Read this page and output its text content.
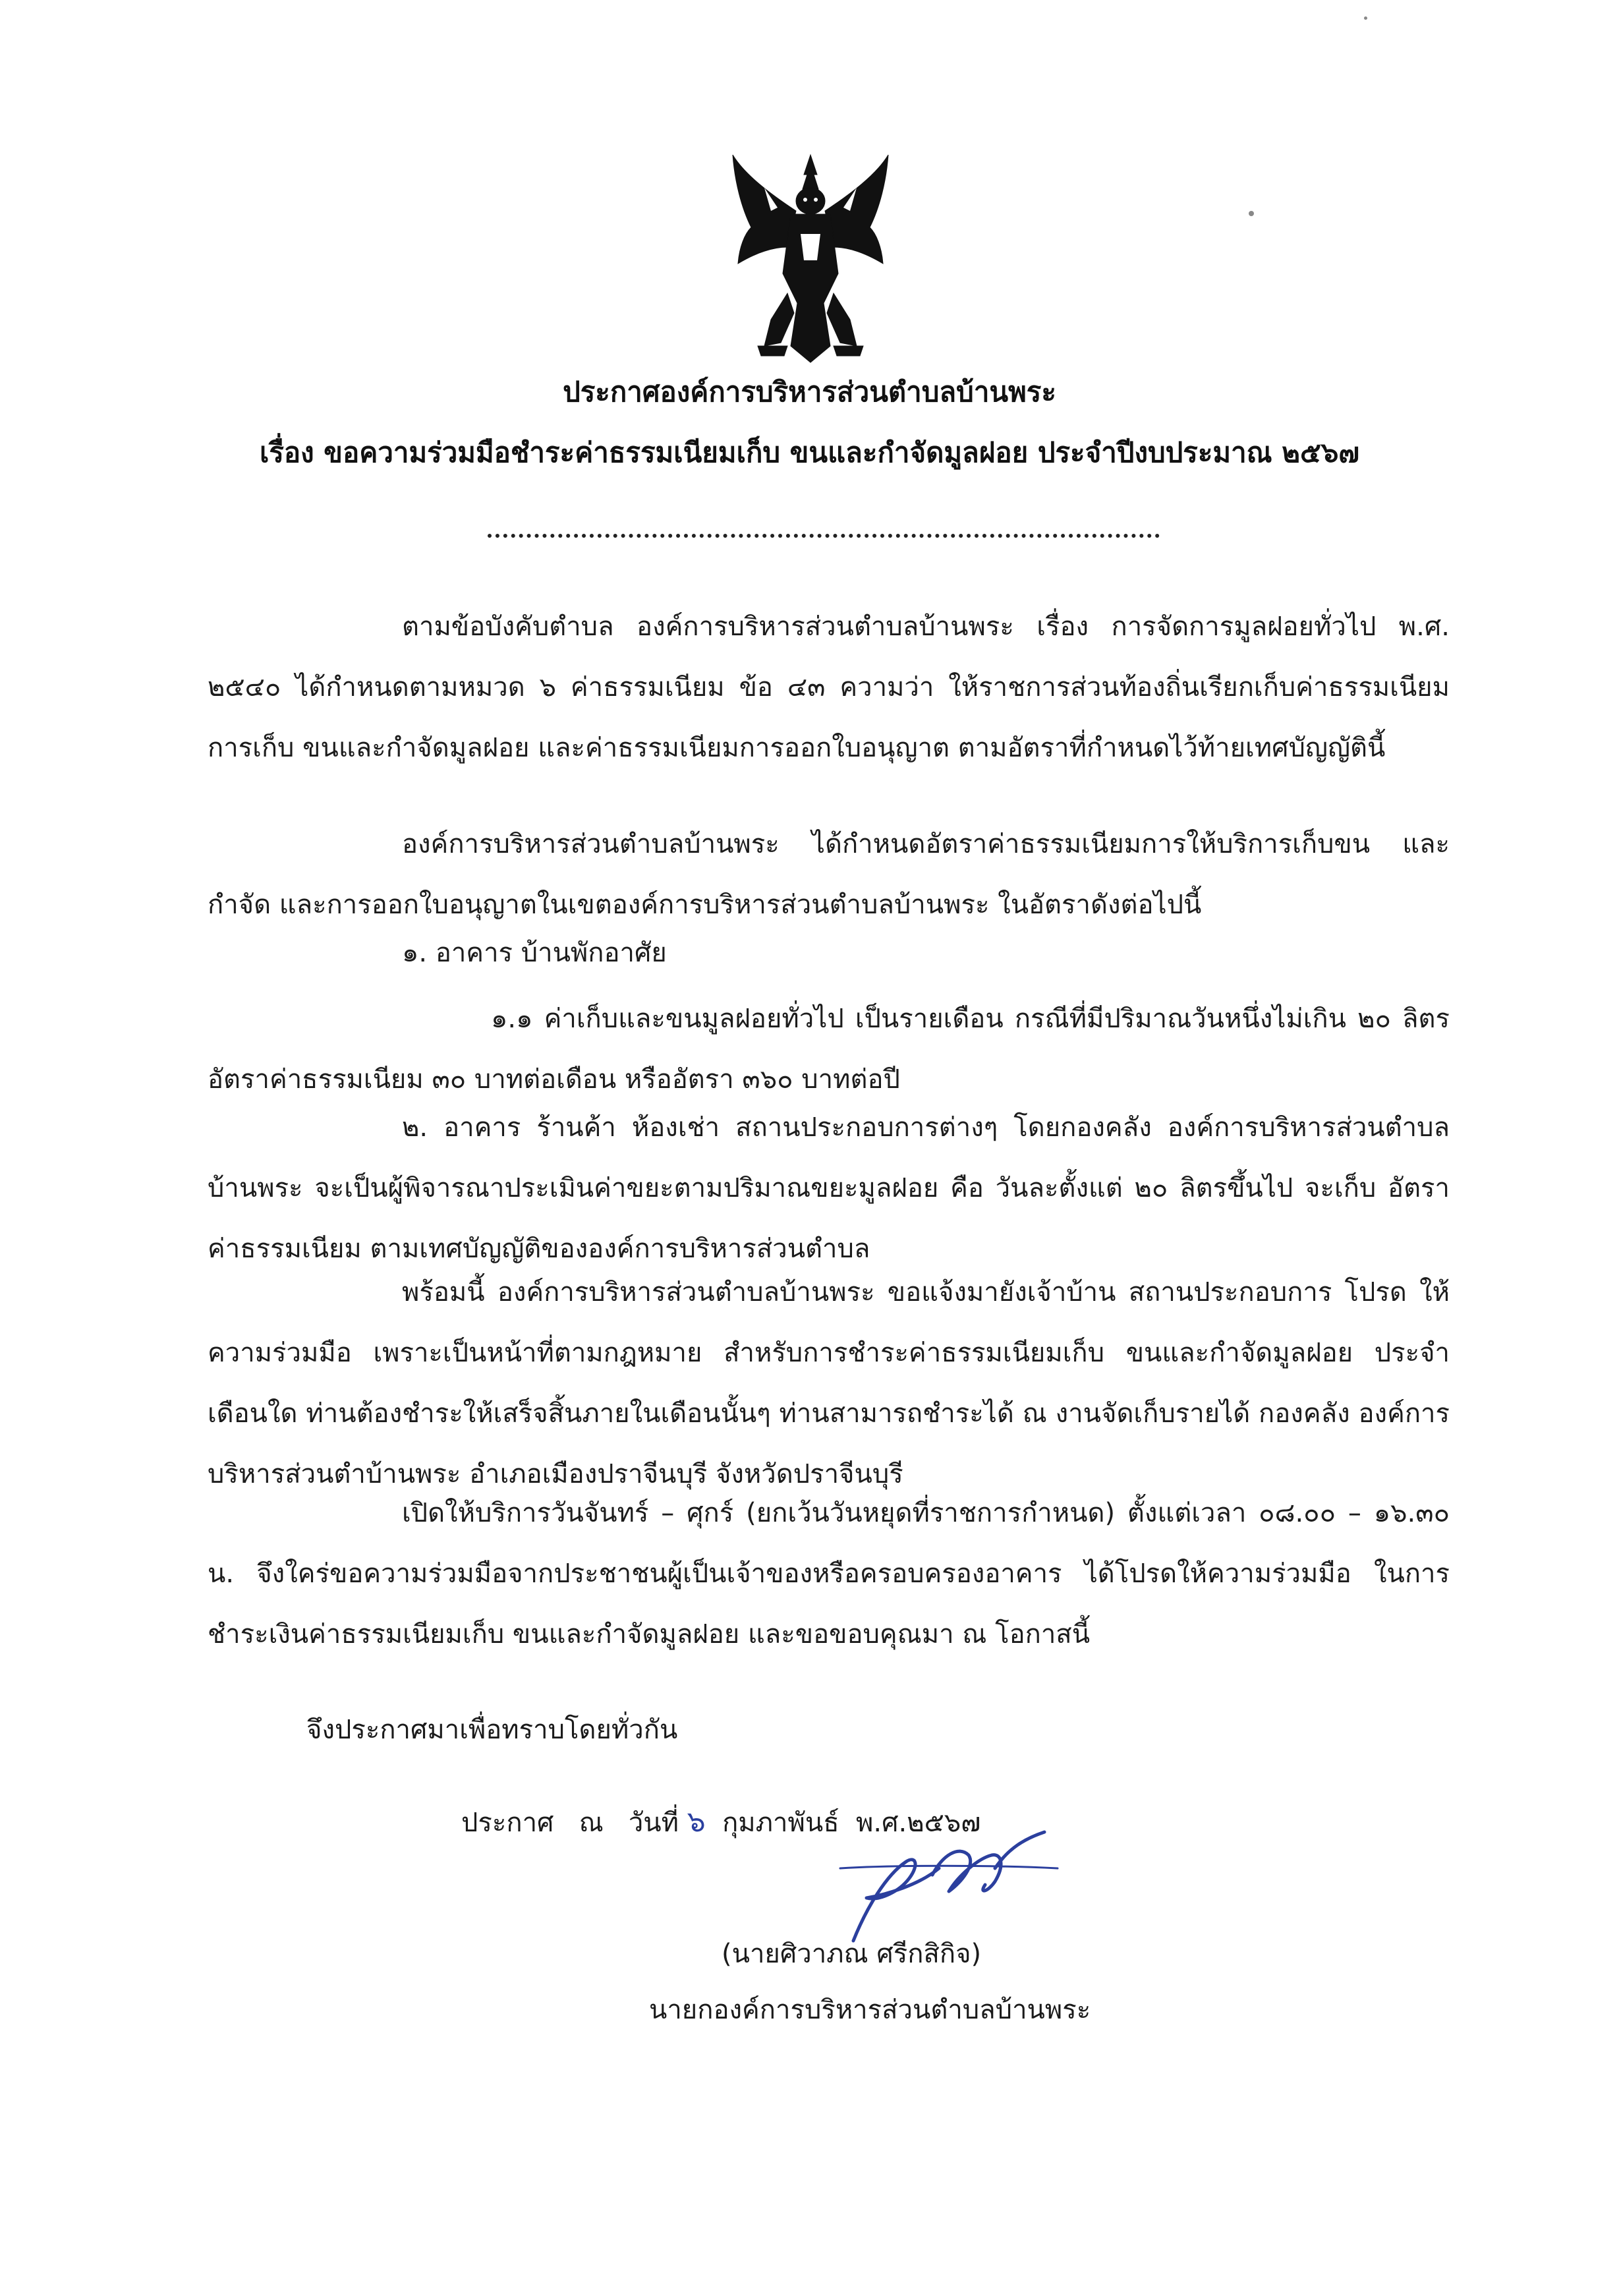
ประกาศองค์การบริหารส่วนตำบลบ้านพระ
เรื่อง ขอความร่วมมือชำระค่าธรรมเนียมเก็บ ขนและกำจัดมูลฝอย ประจำปีงบประมาณ ๒๕๖๗
ตามข้อบังคับตำบล องค์การบริหารส่วนตำบลบ้านพระ เรื่อง การจัดการมูลฝอยทั่วไป พ.ศ. ๒๕๔๐ ได้กำหนดตามหมวด ๖ ค่าธรรมเนียม ข้อ ๔๓ ความว่า ให้ราชการส่วนท้องถิ่นเรียกเก็บค่าธรรมเนียม การเก็บ ขนและกำจัดมูลฝอย และค่าธรรมเนียมการออกใบอนุญาต ตามอัตราที่กำหนดไว้ท้ายเทศบัญญัตินี้
องค์การบริหารส่วนตำบลบ้านพระ ได้กำหนดอัตราค่าธรรมเนียมการให้บริการเก็บขน และ กำจัด และการออกใบอนุญาตในเขตองค์การบริหารส่วนตำบลบ้านพระ ในอัตราดังต่อไปนี้
๑. อาคาร บ้านพักอาศัย
๑.๑ ค่าเก็บและขนมูลฝอยทั่วไป เป็นรายเดือน กรณีที่มีปริมาณวันหนึ่งไม่เกิน ๒๐ ลิตร อัตราค่าธรรมเนียม ๓๐ บาทต่อเดือน หรืออัตรา ๓๖๐ บาทต่อปี
๒. อาคาร ร้านค้า ห้องเช่า สถานประกอบการต่างๆ โดยกองคลัง องค์การบริหารส่วนตำบล บ้านพระ จะเป็นผู้พิจารณาประเมินค่าขยะตามปริมาณขยะมูลฝอย คือ วันละตั้งแต่ ๒๐ ลิตรขึ้นไป จะเก็บ อัตราค่าธรรมเนียม ตามเทศบัญญัติขององค์การบริหารส่วนตำบล
พร้อมนี้ องค์การบริหารส่วนตำบลบ้านพระ ขอแจ้งมายังเจ้าบ้าน สถานประกอบการ โปรด ให้ความร่วมมือ เพราะเป็นหน้าที่ตามกฎหมาย สำหรับการชำระค่าธรรมเนียมเก็บ ขนและกำจัดมูลฝอย ประจำเดือนใด ท่านต้องชำระให้เสร็จสิ้นภายในเดือนนั้นๆ ท่านสามารถชำระได้ ณ งานจัดเก็บรายได้ กองคลัง องค์การบริหารส่วนตำบ้านพระ อำเภอเมืองปราจีนบุรี จังหวัดปราจีนบุรี
เปิดให้บริการวันจันทร์ – ศุกร์ (ยกเว้นวันหยุดที่ราชการกำหนด) ตั้งแต่เวลา ๐๘.๐๐ – ๑๖.๓๐ น. จึงใคร่ขอความร่วมมือจากประชาชนผู้เป็นเจ้าของหรือครอบครองอาคาร ได้โปรดให้ความร่วมมือ ในการชำระเงินค่าธรรมเนียมเก็บ ขนและกำจัดมูลฝอย และขอขอบคุณมา ณ โอกาสนี้
จึงประกาศมาเพื่อทราบโดยทั่วกัน
ประกาศ   ณ   วันที่ ๖  กุมภาพันธ์  พ.ศ.๒๕๖๗
(นายศิวาภณ ศรีกสิกิจ)
นายกองค์การบริหารส่วนตำบลบ้านพระ
